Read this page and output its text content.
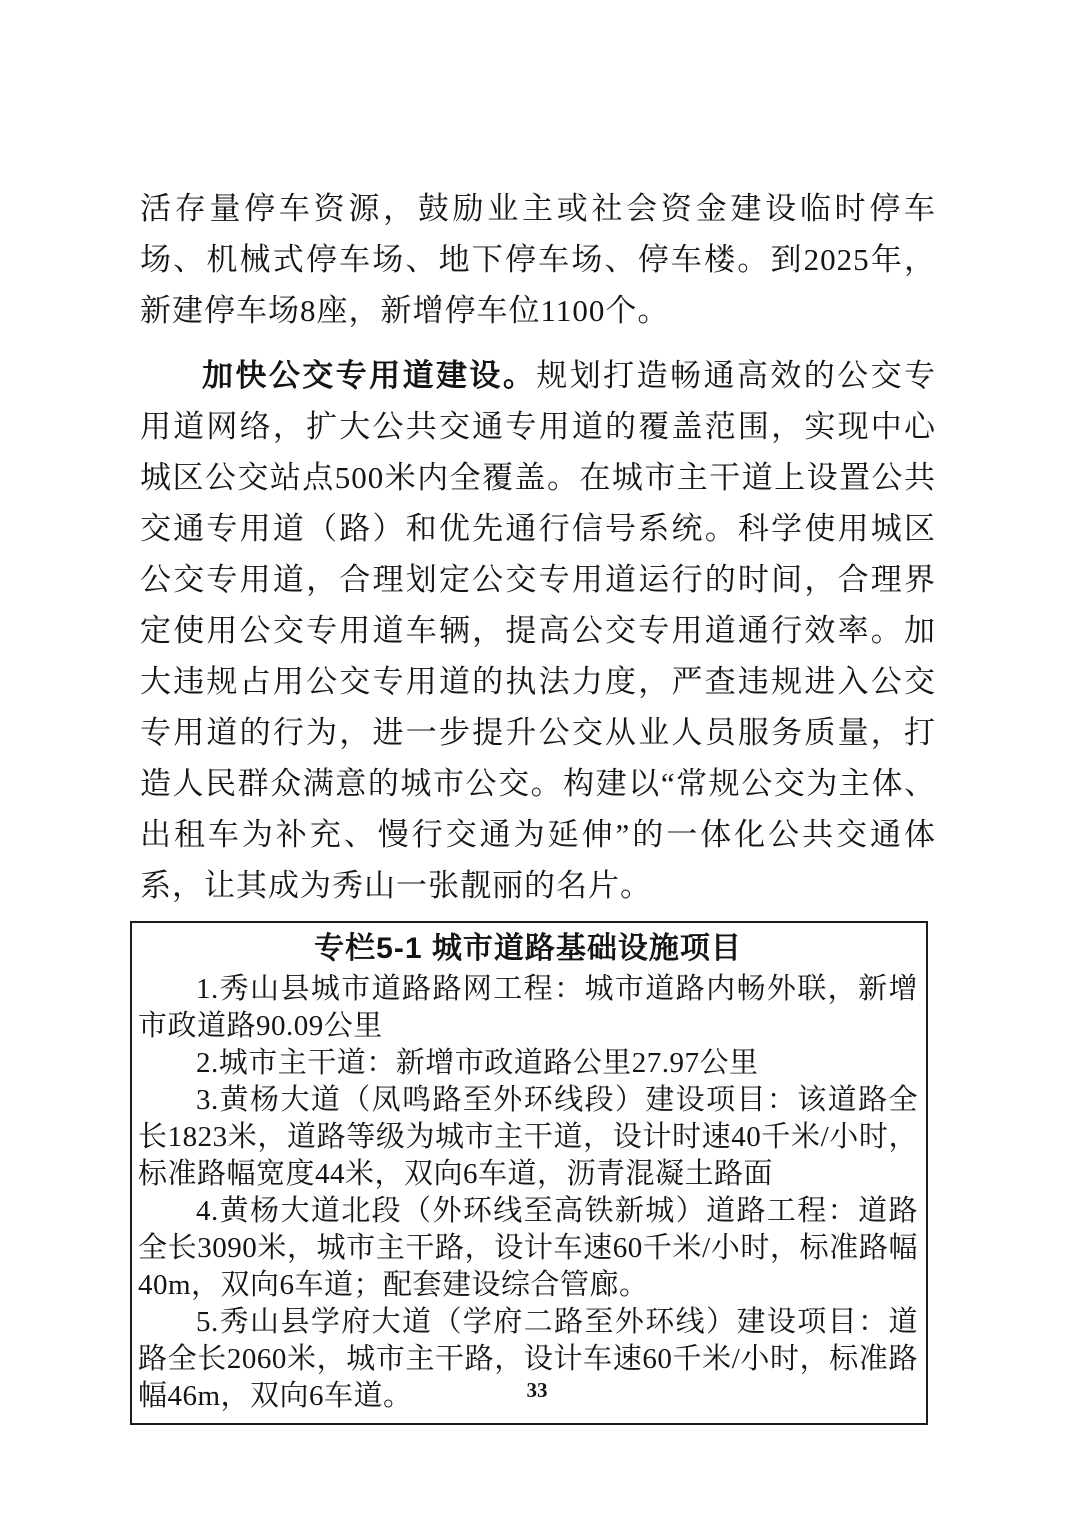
活存量停车资源，鼓励业主或社会资金建设临时停车场、机械式停车场、地下停车场、停车楼。到2025年，新建停车场8座，新增停车位1100个。

加快公交专用道建设。规划打造畅通高效的公交专用道网络，扩大公共交通专用道的覆盖范围，实现中心城区公交站点500米内全覆盖。在城市主干道上设置公共交通专用道（路）和优先通行信号系统。科学使用城区公交专用道，合理划定公交专用道运行的时间，合理界定使用公交专用道车辆，提高公交专用道通行效率。加大违规占用公交专用道的执法力度，严查违规进入公交专用道的行为，进一步提升公交从业人员服务质量，打造人民群众满意的城市公交。构建以“常规公交为主体、出租车为补充、慢行交通为延伸”的一体化公共交通体系，让其成为秀山一张靓丽的名片。

专栏5-1 城市道路基础设施项目

1.秀山县城市道路路网工程：城市道路内畅外联，新增市政道路90.09公里

2.城市主干道：新增市政道路公里27.97公里

3.黄杨大道（凤鸣路至外环线段）建设项目：该道路全长1823米，道路等级为城市主干道，设计时速40千米/小时，标准路幅宽度44米，双向6车道，沥青混凝土路面

4.黄杨大道北段（外环线至高铁新城）道路工程：道路全长3090米，城市主干路，设计车速60千米/小时，标准路幅40m，双向6车道；配套建设综合管廊。

5.秀山县学府大道（学府二路至外环线）建设项目：道路全长2060米，城市主干路，设计车速60千米/小时，标准路幅46m，双向6车道。	33
